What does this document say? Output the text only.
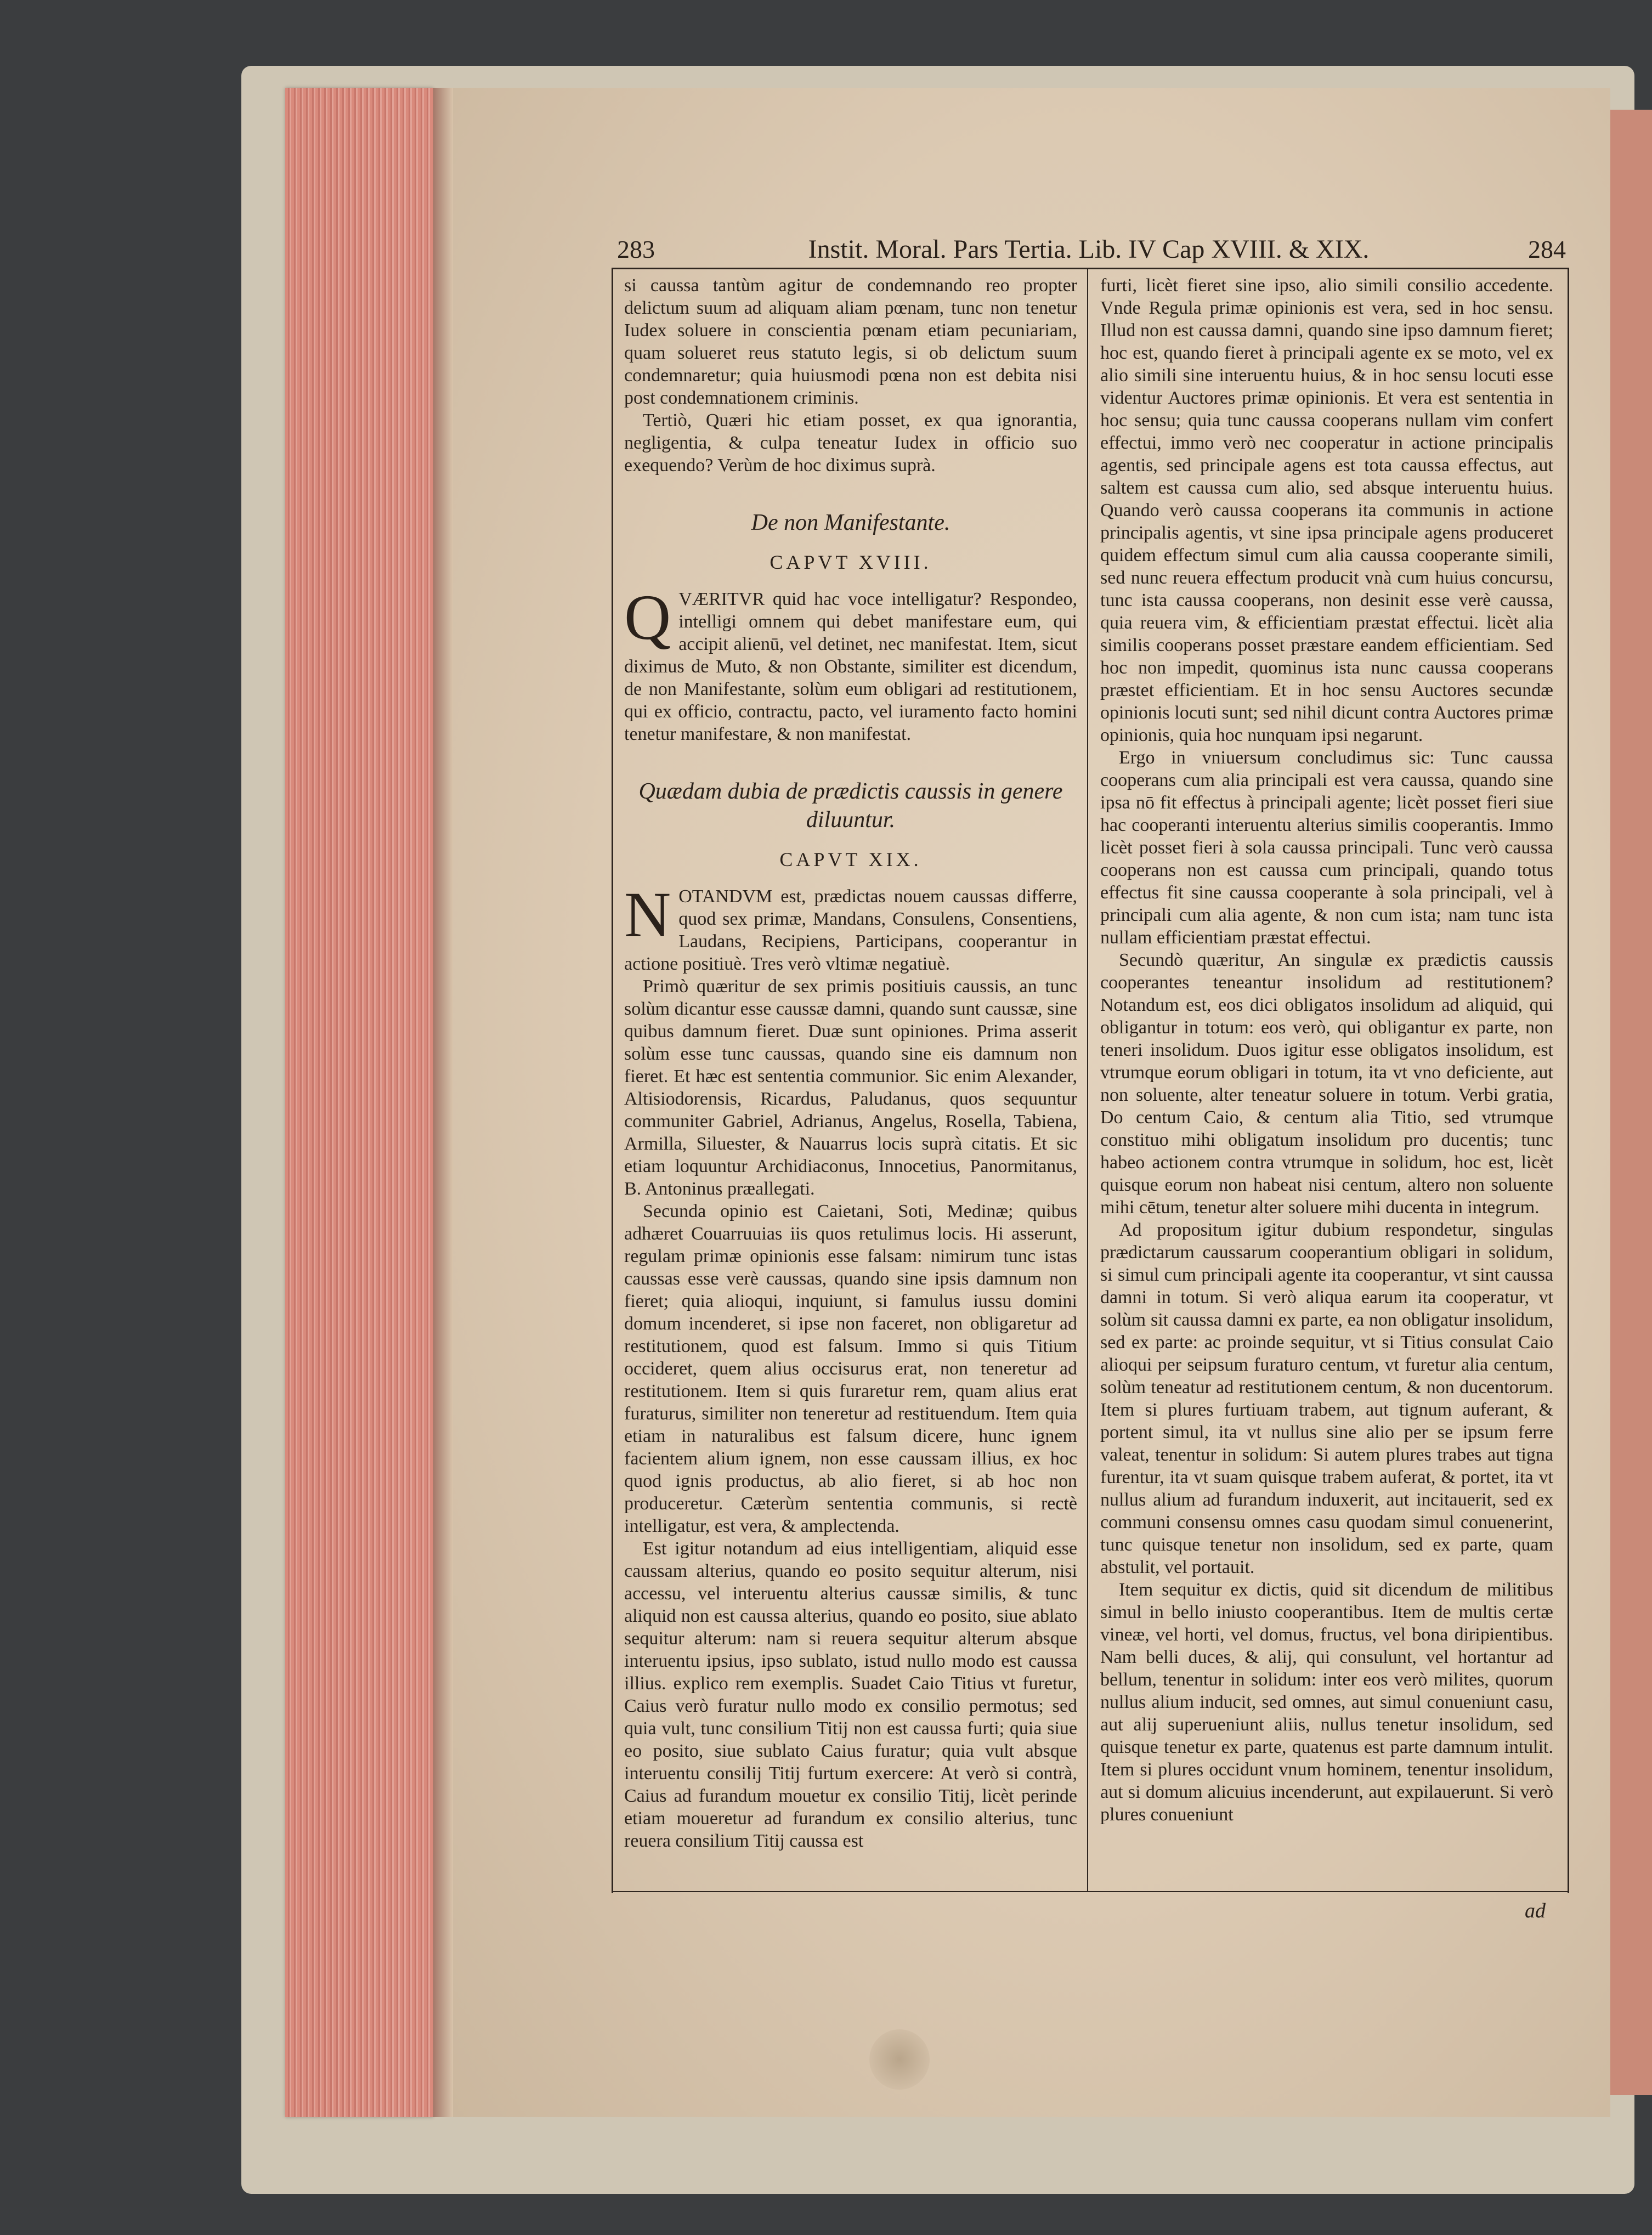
283	Instit. Moral. Pars Tertia. Lib. IV Cap XVIII. & XIX.	284

si caussa tantùm agitur de condemnando reo propter delictum suum ad aliquam aliam pœnam, tunc non tenetur Iudex soluere in conscientia pœnam etiam pecuniariam, quam solueret reus statuto legis, si ob delictum suum condemnaretur; quia huiusmodi pœna non est debita nisi post condemnationem criminis.

Tertiò, Quæri hic etiam posset, ex qua ignorantia, negligentia, & culpa teneatur Iudex in officio suo exequendo? Verùm de hoc diximus suprà.

De non Manifestante.
CAPVT XVIII.

QVÆRITVR quid hac voce intelligatur? Respondeo, intelligi omnem qui debet manifestare eum, qui accipit alienū, vel detinet, nec manifestat. Item, sicut diximus de Muto, & non Obstante, similiter est dicendum, de non Manifestante, solùm eum obligari ad restitutionem, qui ex officio, contractu, pacto, vel iuramento facto homini tenetur manifestare, & non manifestat.

Quædam dubia de prædictis caussis in genere diluuntur.
CAPVT XIX.

NOTANDVM est, prædictas nouem caussas differre, quod sex primæ, Mandans, Consulens, Consentiens, Laudans, Recipiens, Participans, cooperantur in actione positiuè. Tres verò vltimæ negatiuè.

Primò quæritur de sex primis positiuis caussis, an tunc solùm dicantur esse caussæ damni, quando sunt caussæ, sine quibus damnum fieret. Duæ sunt opiniones. Prima asserit solùm esse tunc caussas, quando sine eis damnum non fieret. Et hæc est sententia communior. Sic enim Alexander, Altisiodorensis, Ricardus, Paludanus, quos sequuntur communiter Gabriel, Adrianus, Angelus, Rosella, Tabiena, Armilla, Siluester, & Nauarrus locis suprà citatis. Et sic etiam loquuntur Archidiaconus, Innocetius, Panormitanus, B. Antoninus præallegati.

Secunda opinio est Caietani, Soti, Medinæ; quibus adhæret Couarruuias iis quos retulimus locis. Hi asserunt, regulam primæ opinionis esse falsam: nimirum tunc istas caussas esse verè caussas, quando sine ipsis damnum non fieret; quia alioqui, inquiunt, si famulus iussu domini domum incenderet, si ipse non faceret, non obligaretur ad restitutionem, quod est falsum. Immo si quis Titium occideret, quem alius occisurus erat, non teneretur ad restitutionem. Item si quis furaretur rem, quam alius erat furaturus, similiter non teneretur ad restituendum. Item quia etiam in naturalibus est falsum dicere, hunc ignem facientem alium ignem, non esse caussam illius, ex hoc quod ignis productus, ab alio fieret, si ab hoc non produceretur. Cæterùm sententia communis, si rectè intelligatur, est vera, & amplectenda.

Est igitur notandum ad eius intelligentiam, aliquid esse caussam alterius, quando eo posito sequitur alterum, nisi accessu, vel interuentu alterius caussæ similis, & tunc aliquid non est caussa alterius, quando eo posito, siue ablato sequitur alterum: nam si reuera sequitur alterum absque interuentu ipsius, ipso sublato, istud nullo modo est caussa illius. explico rem exemplis. Suadet Caio Titius vt furetur, Caius verò furatur nullo modo ex consilio permotus; sed quia vult, tunc consilium Titij non est caussa furti; quia siue eo posito, siue sublato Caius furatur; quia vult absque interuentu consilij Titij furtum exercere: At verò si contrà, Caius ad furandum mouetur ex consilio Titij, licèt perinde etiam moueretur ad furandum ex consilio alterius, tunc reuera consilium Titij caussa est

furti, licèt fieret sine ipso, alio simili consilio accedente. Vnde Regula primæ opinionis est vera, sed in hoc sensu. Illud non est caussa damni, quando sine ipso damnum fieret; hoc est, quando fieret à principali agente ex se moto, vel ex alio simili sine interuentu huius, & in hoc sensu locuti esse videntur Auctores primæ opinionis. Et vera est sententia in hoc sensu; quia tunc caussa cooperans nullam vim confert effectui, immo verò nec cooperatur in actione principalis agentis, sed principale agens est tota caussa effectus, aut saltem est caussa cum alio, sed absque interuentu huius. Quando verò caussa cooperans ita communis in actione principalis agentis, vt sine ipsa principale agens produceret quidem effectum simul cum alia caussa cooperante simili, sed nunc reuera effectum producit vnà cum huius concursu, tunc ista caussa cooperans, non desinit esse verè caussa, quia reuera vim, & efficientiam præstat effectui. licèt alia similis cooperans posset præstare eandem efficientiam. Sed hoc non impedit, quominus ista nunc caussa cooperans præstet efficientiam. Et in hoc sensu Auctores secundæ opinionis locuti sunt; sed nihil dicunt contra Auctores primæ opinionis, quia hoc nunquam ipsi negarunt.

Ergo in vniuersum concludimus sic: Tunc caussa cooperans cum alia principali est vera caussa, quando sine ipsa nō fit effectus à principali agente; licèt posset fieri siue hac cooperanti interuentu alterius similis cooperantis. Immo licèt posset fieri à sola caussa principali. Tunc verò caussa cooperans non est caussa cum principali, quando totus effectus fit sine caussa cooperante à sola principali, vel à principali cum alia agente, & non cum ista; nam tunc ista nullam efficientiam præstat effectui.

Secundò quæritur, An singulæ ex prædictis caussis cooperantes teneantur insolidum ad restitutionem? Notandum est, eos dici obligatos insolidum ad aliquid, qui obligantur in totum: eos verò, qui obligantur ex parte, non teneri insolidum. Duos igitur esse obligatos insolidum, est vtrumque eorum obligari in totum, ita vt vno deficiente, aut non soluente, alter teneatur soluere in totum. Verbi gratia, Do centum Caio, & centum alia Titio, sed vtrumque constituo mihi obligatum insolidum pro ducentis; tunc habeo actionem contra vtrumque in solidum, hoc est, licèt quisque eorum non habeat nisi centum, altero non soluente mihi cētum, tenetur alter soluere mihi ducenta in integrum.

Ad propositum igitur dubium respondetur, singulas prædictarum caussarum cooperantium obligari in solidum, si simul cum principali agente ita cooperantur, vt sint caussa damni in totum. Si verò aliqua earum ita cooperatur, vt solùm sit caussa damni ex parte, ea non obligatur insolidum, sed ex parte: ac proinde sequitur, vt si Titius consulat Caio alioqui per seipsum furaturo centum, vt furetur alia centum, solùm teneatur ad restitutionem centum, & non ducentorum. Item si plures furtiuam trabem, aut tignum auferant, & portent simul, ita vt nullus sine alio per se ipsum ferre valeat, tenentur in solidum: Si autem plures trabes aut tigna furentur, ita vt suam quisque trabem auferat, & portet, ita vt nullus alium ad furandum induxerit, aut incitauerit, sed ex communi consensu omnes casu quodam simul conuenerint, tunc quisque tenetur non insolidum, sed ex parte, quam abstulit, vel portauit.

Item sequitur ex dictis, quid sit dicendum de militibus simul in bello iniusto cooperantibus. Item de multis certæ vineæ, vel horti, vel domus, fructus, vel bona diripientibus. Nam belli duces, & alij, qui consulunt, vel hortantur ad bellum, tenentur in solidum: inter eos verò milites, quorum nullus alium inducit, sed omnes, aut simul conueniunt casu, aut alij superueniunt aliis, nullus tenetur insolidum, sed quisque tenetur ex parte, quatenus est parte damnum intulit. Item si plures occidunt vnum hominem, tenentur insolidum, aut si domum alicuius incenderunt, aut expilauerunt. Si verò plures conueniunt

ad
